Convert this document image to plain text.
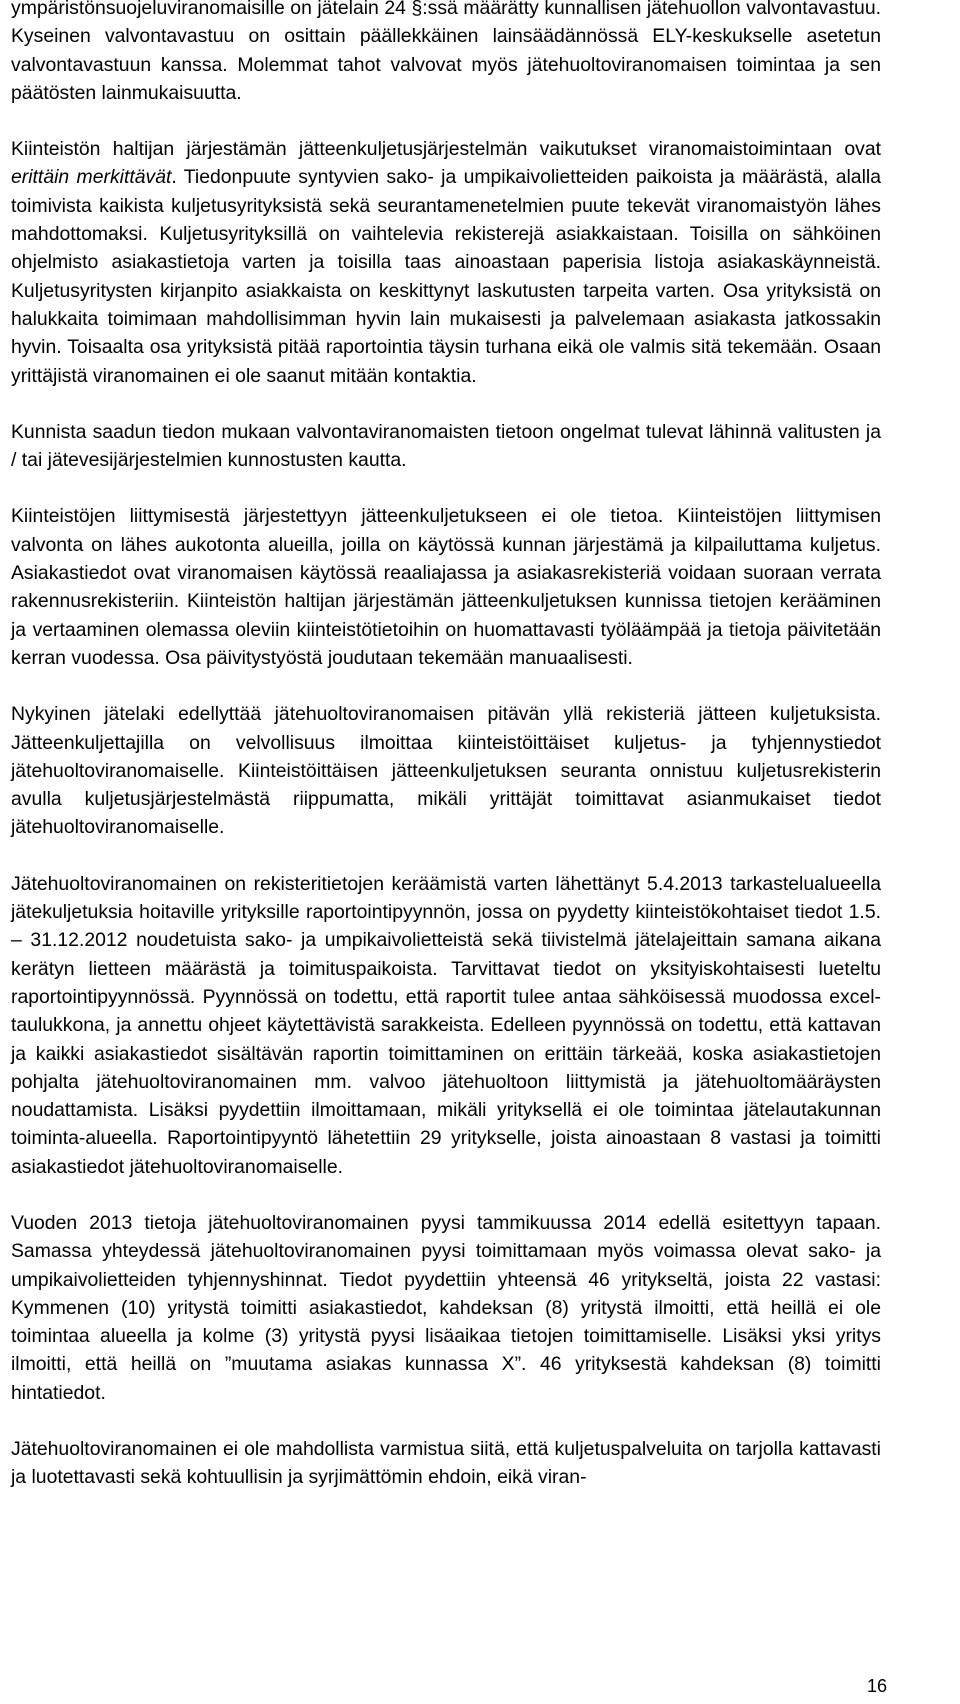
ympäristönsuojeluviranomaisille on jätelain 24 §:ssä määrätty kunnallisen jätehuollon valvontavastuu. Kyseinen valvontavastuu on osittain päällekkäinen lainsäädännössä ELY-keskukselle asetetun valvontavastuun kanssa. Molemmat tahot valvovat myös jätehuoltoviranomaisen toimintaa ja sen päätösten lainmukaisuutta.

Kiinteistön haltijan järjestämän jätteenkuljetusjärjestelmän vaikutukset viranomaistoimintaan ovat erittäin merkittävät. Tiedonpuute syntyvien sako- ja umpikaivolietteiden paikoista ja määrästä, alalla toimivista kaikista kuljetusyrityksistä sekä seurantamenetelmien puute tekevät viranomaistyön lähes mahdottomaksi. Kuljetusyrityksillä on vaihtelevia rekisterejä asiakkaistaan. Toisilla on sähköinen ohjelmisto asiakastietoja varten ja toisilla taas ainoastaan paperisia listoja asiakaskäynneistä. Kuljetusyritysten kirjanpito asiakkaista on keskittynyt laskutusten tarpeita varten. Osa yrityksistä on halukkaita toimimaan mahdollisimman hyvin lain mukaisesti ja palvelemaan asiakasta jatkossakin hyvin. Toisaalta osa yrityksistä pitää raportointia täysin turhana eikä ole valmis sitä tekemään. Osaan yrittäjistä viranomainen ei ole saanut mitään kontaktia.

Kunnista saadun tiedon mukaan valvontaviranomaisten tietoon ongelmat tulevat lähinnä valitusten ja / tai jätevesijärjestelmien kunnostusten kautta.

Kiinteistöjen liittymisestä järjestettyyn jätteenkuljetukseen ei ole tietoa. Kiinteistöjen liittymisen valvonta on lähes aukotonta alueilla, joilla on käytössä kunnan järjestämä ja kilpailuttama kuljetus. Asiakastiedot ovat viranomaisen käytössä reaaliajassa ja asiakasrekisteriä voidaan suoraan verrata rakennusrekisteriin. Kiinteistön haltijan järjestämän jätteenkuljetuksen kunnissa tietojen kerääminen ja vertaaminen olemassa oleviin kiinteistötietoihin on huomattavasti työläämpää ja tietoja päivitetään kerran vuodessa. Osa päivitystyöstä joudutaan tekemään manuaalisesti.

Nykyinen jätelaki edellyttää jätehuoltoviranomaisen pitävän yllä rekisteriä jätteen kuljetuksista. Jätteenkuljettajilla on velvollisuus ilmoittaa kiinteistöittäiset kuljetus- ja tyhjennystiedot jätehuoltoviranomaiselle. Kiinteistöittäisen jätteenkuljetuksen seuranta onnistuu kuljetusrekisterin avulla kuljetusjärjestelmästä riippumatta, mikäli yrittäjät toimittavat asianmukaiset tiedot jätehuoltoviranomaiselle.

Jätehuoltoviranomainen on rekisteritietojen keräämistä varten lähettänyt 5.4.2013 tarkastelualueella jätekuljetuksia hoitaville yrityksille raportointipyynnön, jossa on pyydetty kiinteistökohtaiset tiedot 1.5. – 31.12.2012 noudetuista sako- ja umpikaivolietteistä sekä tiivistelmä jätelajeittain samana aikana kerätyn lietteen määrästä ja toimituspaikoista. Tarvittavat tiedot on yksityiskohtaisesti lueteltu raportointipyynnössä. Pyynnössä on todettu, että raportit tulee antaa sähköisessä muodossa excel-taulukkona, ja annettu ohjeet käytettävistä sarakkeista. Edelleen pyynnössä on todettu, että kattavan ja kaikki asiakastiedot sisältävän raportin toimittaminen on erittäin tärkeää, koska asiakastietojen pohjalta jätehuoltoviranomainen mm. valvoo jätehuoltoon liittymistä ja jätehuoltomääräysten noudattamista. Lisäksi pyydettiin ilmoittamaan, mikäli yrityksellä ei ole toimintaa jätelautakunnan toiminta-alueella. Raportointipyyntö lähetettiin 29 yritykselle, joista ainoastaan 8 vastasi ja toimitti asiakastiedot jätehuoltoviranomaiselle.

Vuoden 2013 tietoja jätehuoltoviranomainen pyysi tammikuussa 2014 edellä esitettyyn tapaan. Samassa yhteydessä jätehuoltoviranomainen pyysi toimittamaan myös voimassa olevat sako- ja umpikaivolietteiden tyhjennyshinnat. Tiedot pyydettiin yhteensä 46 yritykseltä, joista 22 vastasi: Kymmenen (10) yritystä toimitti asiakastiedot, kahdeksan (8) yritystä ilmoitti, että heillä ei ole toimintaa alueella ja kolme (3) yritystä pyysi lisäaikaa tietojen toimittamiselle. Lisäksi yksi yritys ilmoitti, että heillä on ”muutama asiakas kunnassa X”. 46 yrityksestä kahdeksan (8) toimitti hintatiedot.

Jätehuoltoviranomainen ei ole mahdollista varmistua siitä, että kuljetuspalveluita on tarjolla kattavasti ja luotettavasti sekä kohtuullisin ja syrjimättömin ehdoin, eikä viran-

16
